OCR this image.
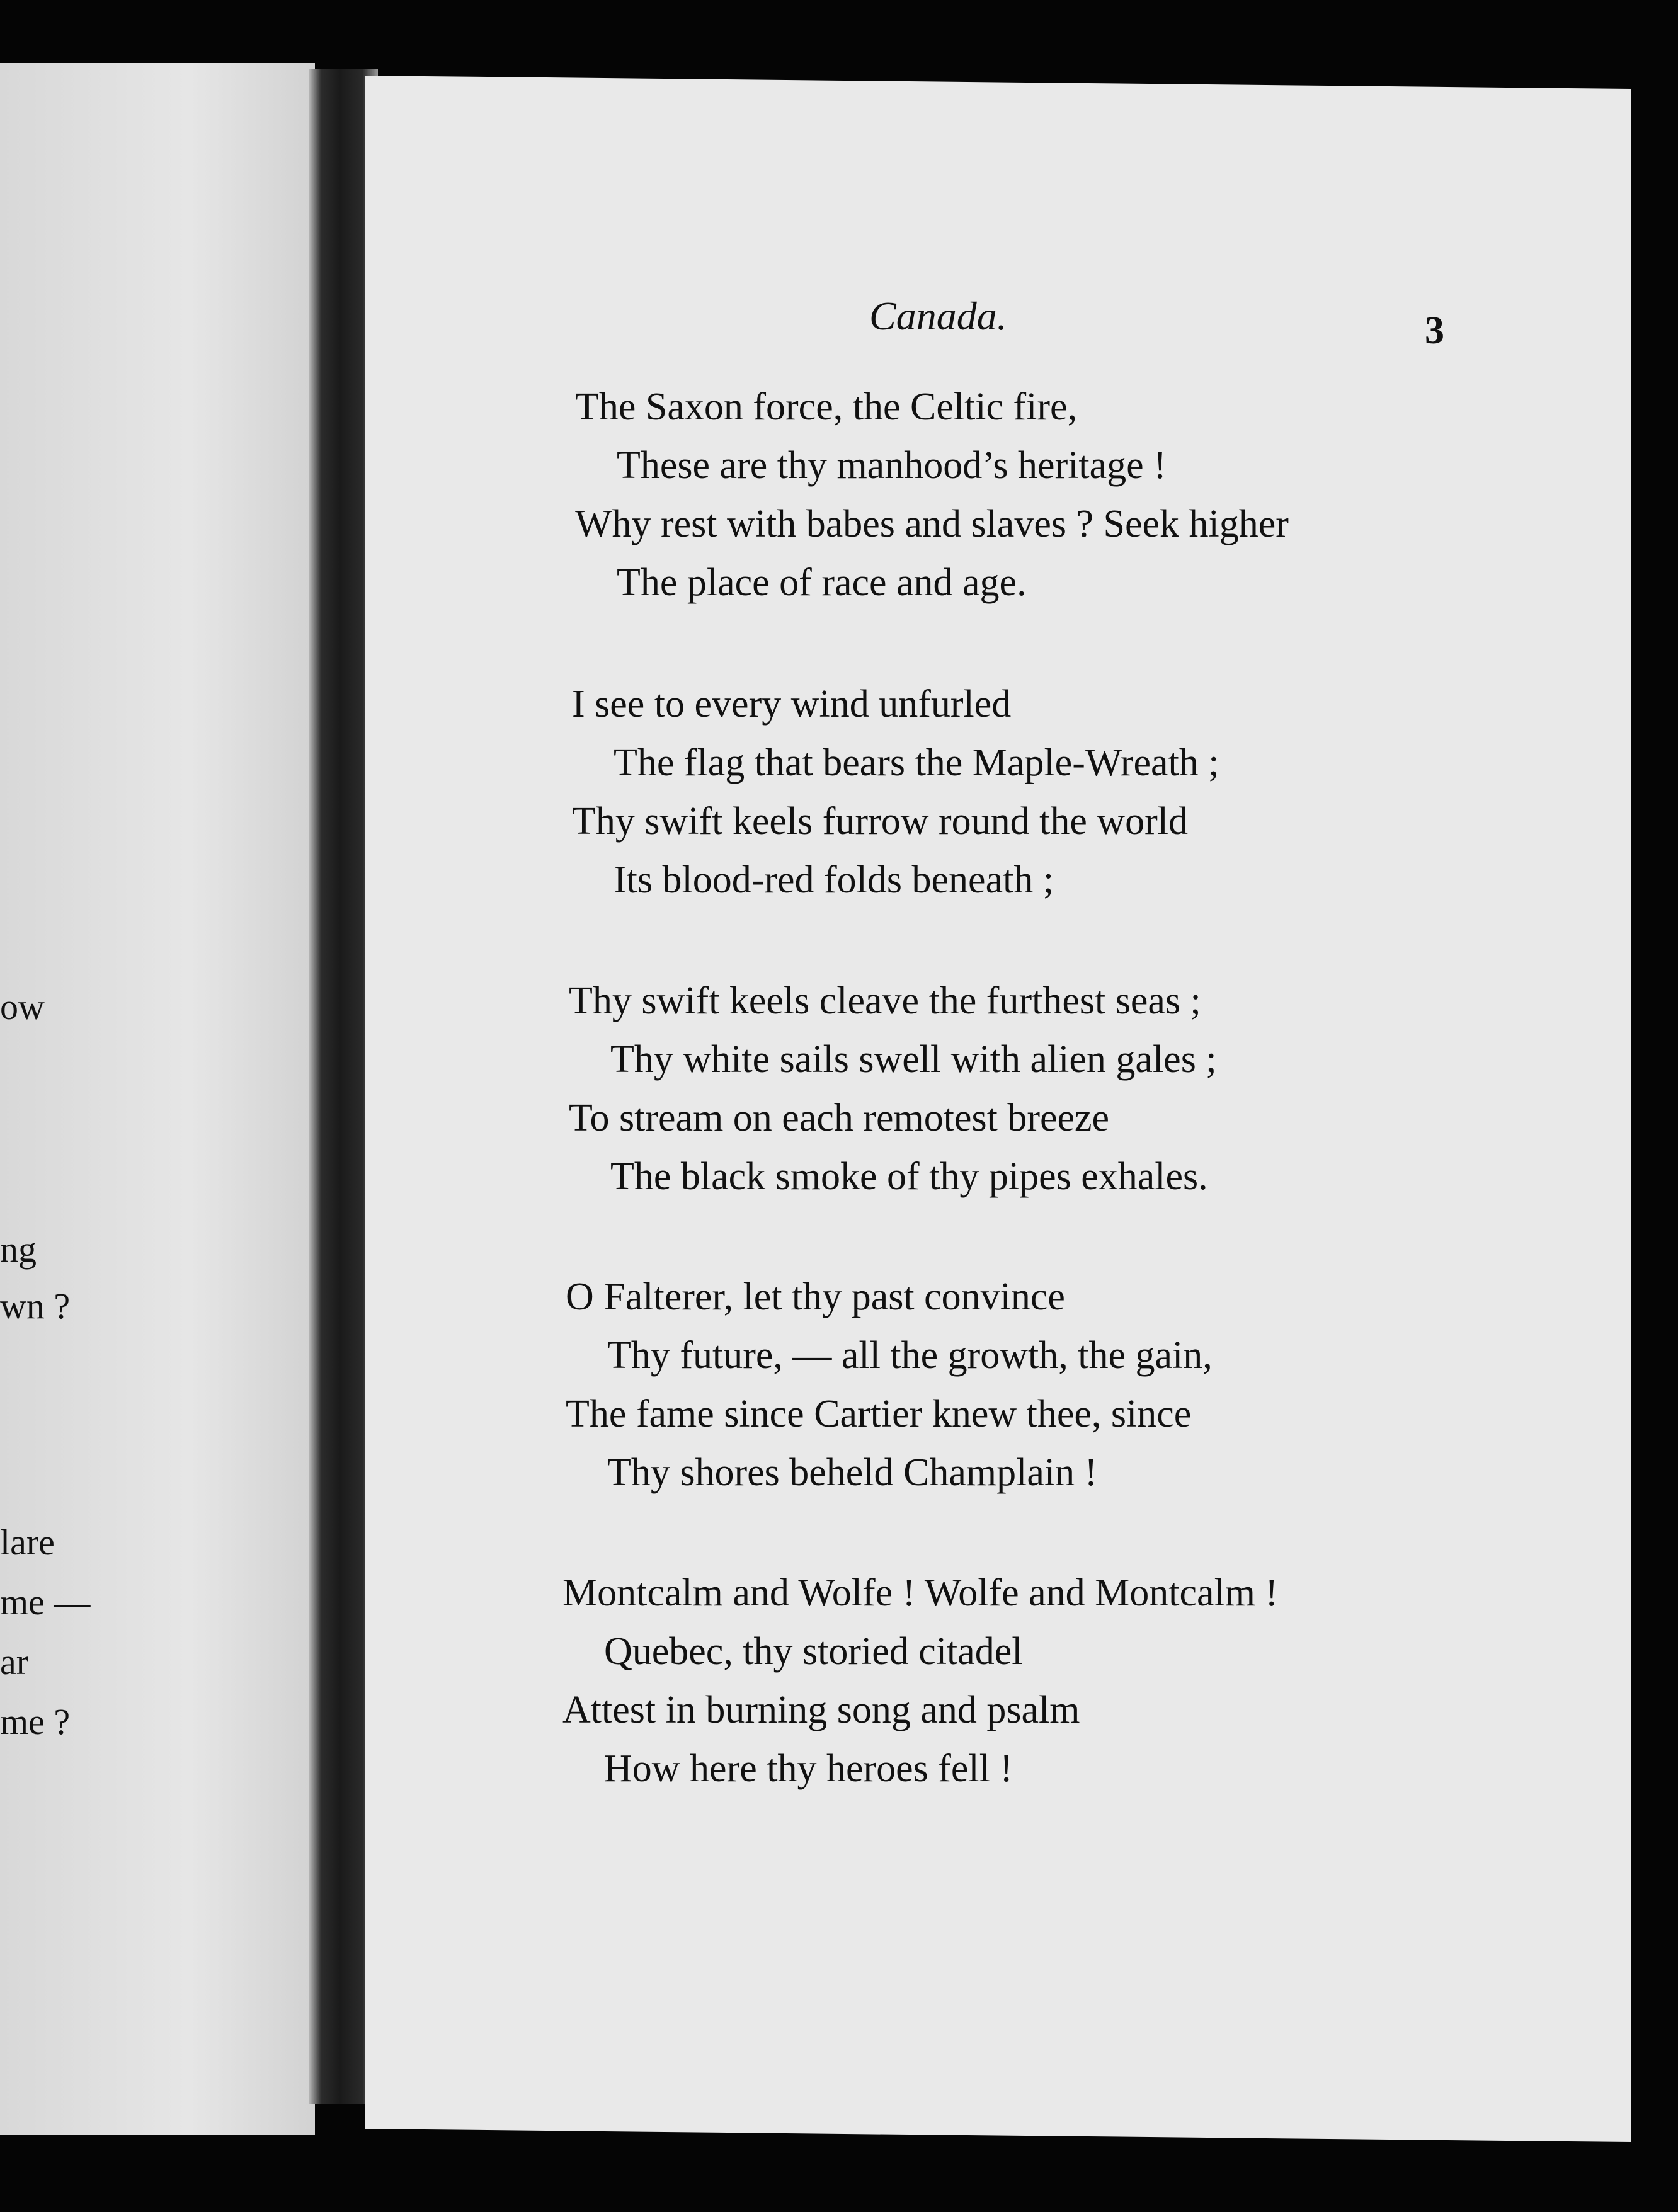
ow
ng
wn ?
lare
me —
ar
me ?
Canada.	3
The Saxon force, the Celtic fire,
These are thy manhood’s heritage !
Why rest with babes and slaves ? Seek higher
The place of race and age.
I see to every wind unfurled
The flag that bears the Maple-Wreath ;
Thy swift keels furrow round the world
Its blood-red folds beneath ;
Thy swift keels cleave the furthest seas ;
Thy white sails swell with alien gales ;
To stream on each remotest breeze
The black smoke of thy pipes exhales.
O Falterer, let thy past convince
Thy future, — all the growth, the gain,
The fame since Cartier knew thee, since
Thy shores beheld Champlain !
Montcalm and Wolfe ! Wolfe and Montcalm !
Quebec, thy storied citadel
Attest in burning song and psalm
How here thy heroes fell !
